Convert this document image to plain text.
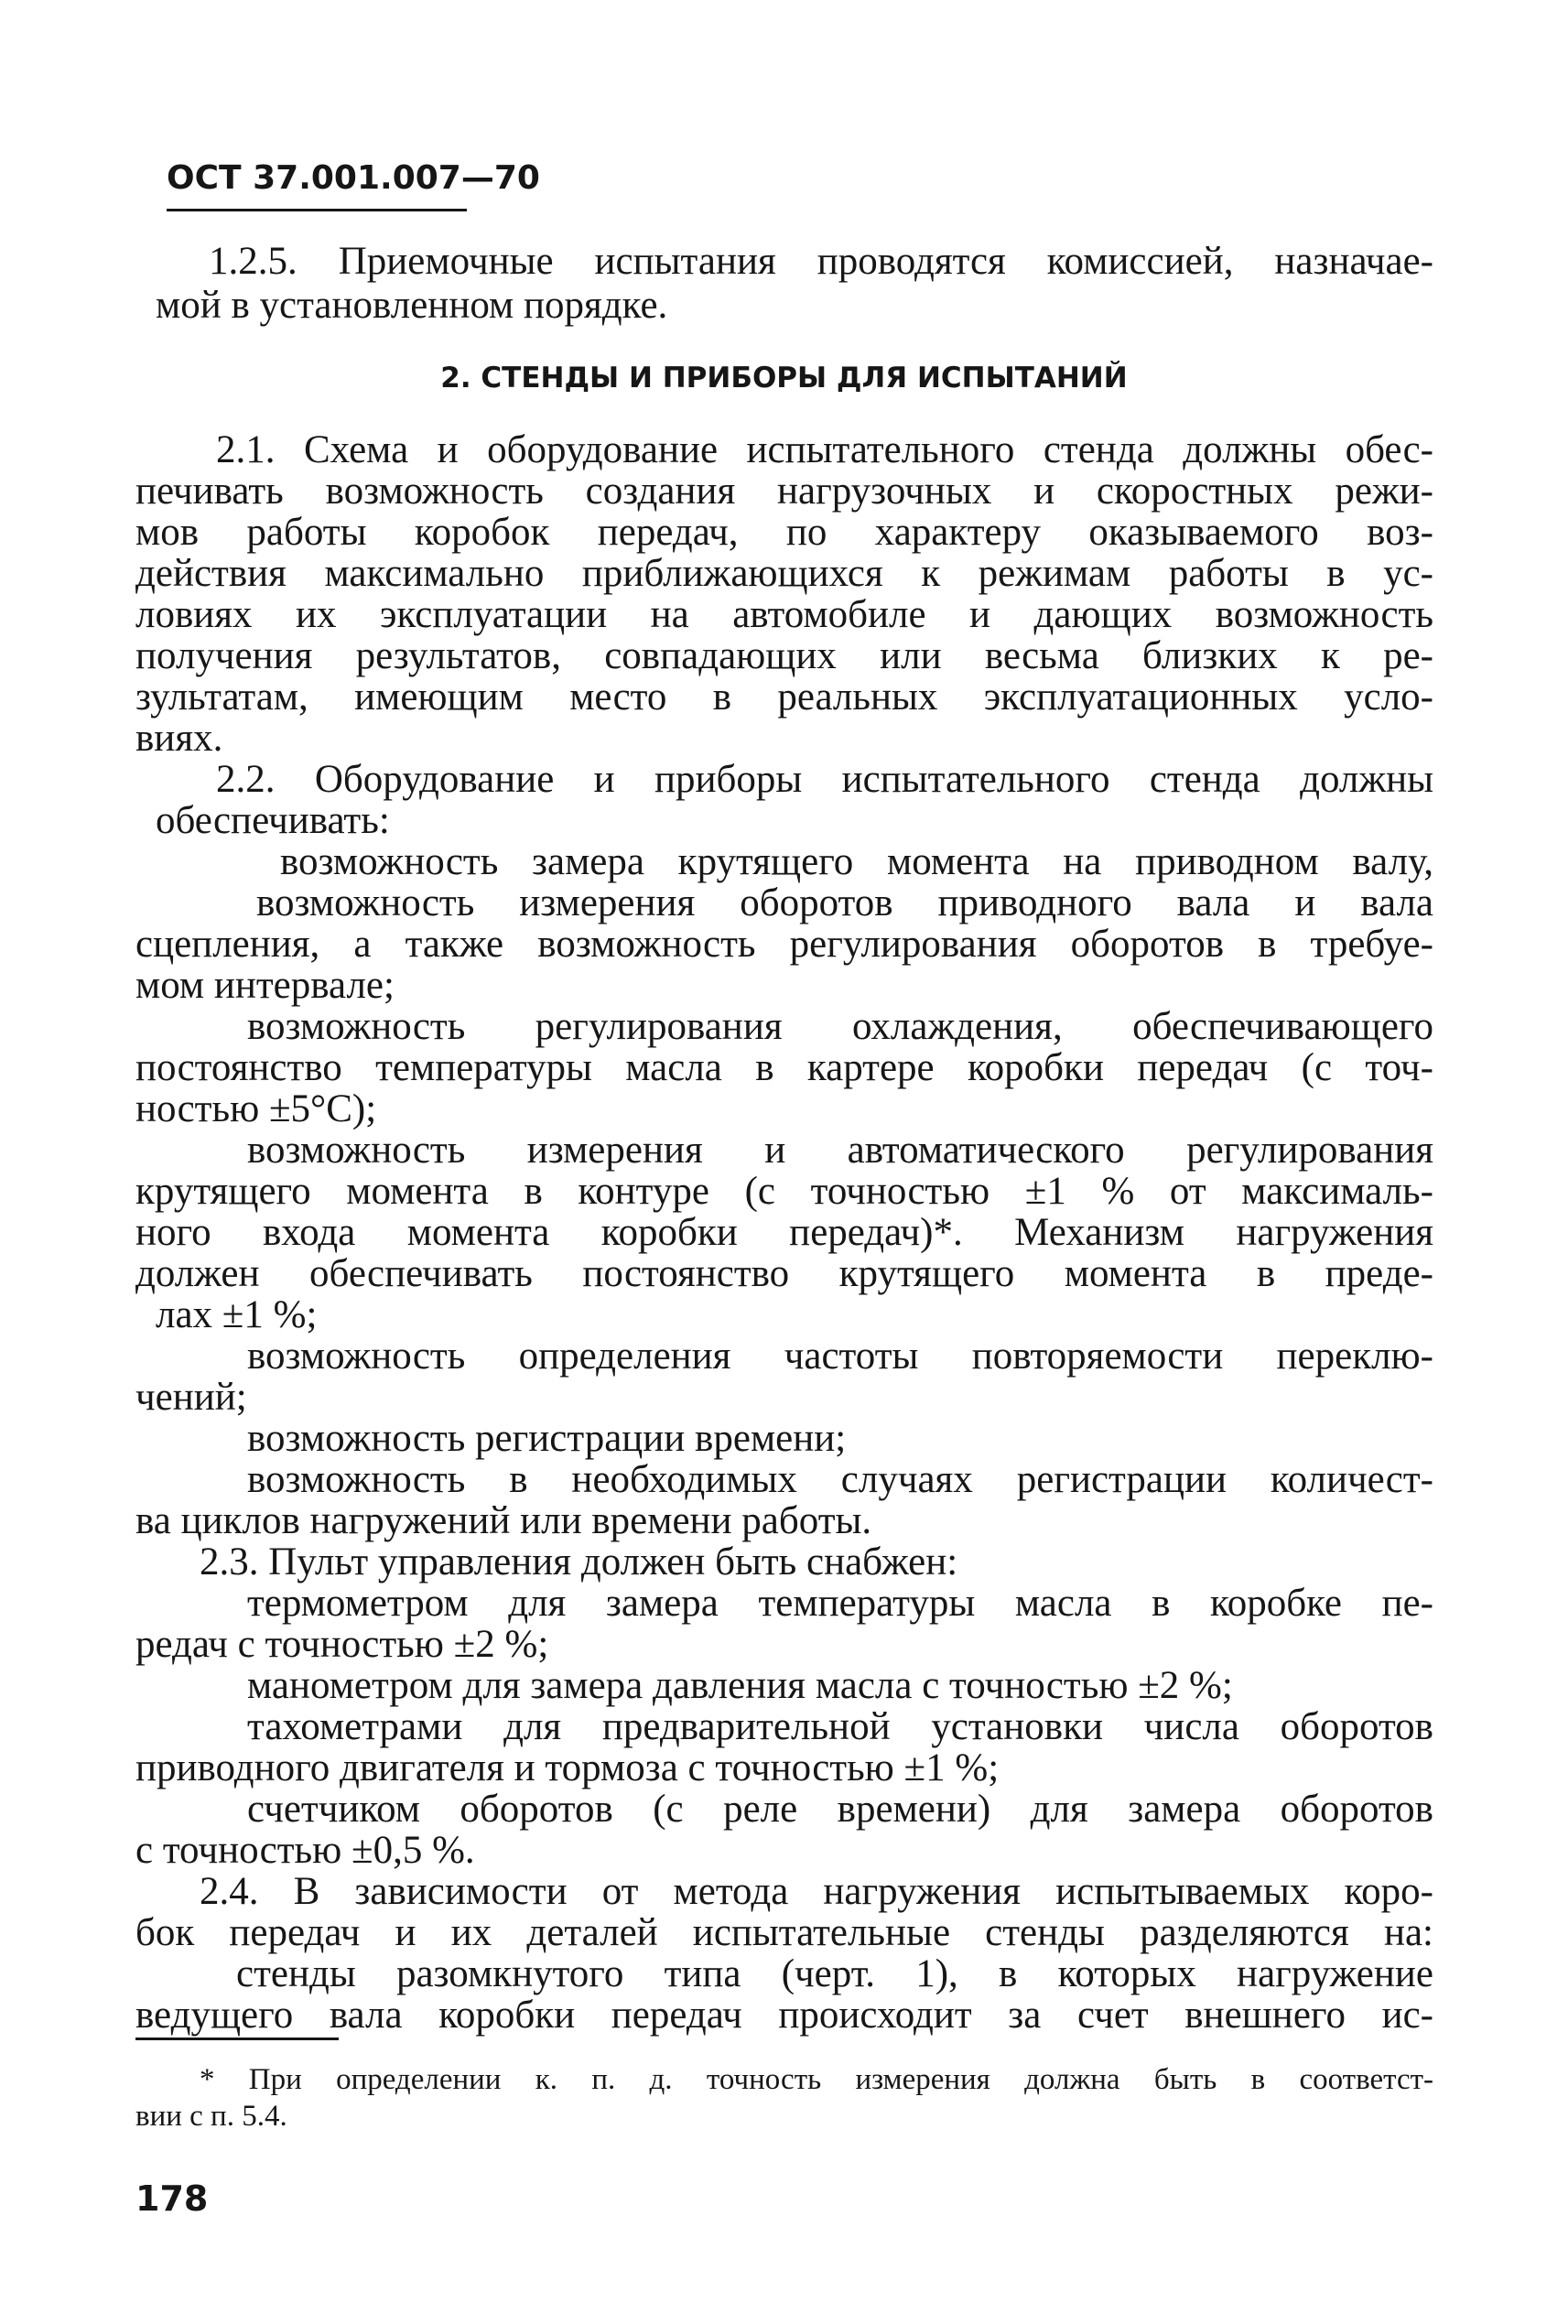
ОСТ 37.001.007—70
1.2.5. Приемочные испытания проводятся комиссией, назначае-
мой в установленном порядке.
2. СТЕНДЫ И ПРИБОРЫ ДЛЯ ИСПЫТАНИЙ
2.1. Схема и оборудование испытательного стенда должны обес-
печивать возможность создания нагрузочных и скоростных режи-
мов работы коробок передач, по характеру оказываемого воз-
действия максимально приближающихся к режимам работы в ус-
ловиях их эксплуатации на автомобиле и дающих возможность
получения результатов, совпадающих или весьма близких к ре-
зультатам, имеющим место в реальных эксплуатационных усло-
виях.
2.2. Оборудование и приборы испытательного стенда должны
обеспечивать:
возможность замера крутящего момента на приводном валу,
возможность измерения оборотов приводного вала и вала
сцепления, а также возможность регулирования оборотов в требуе-
мом интервале;
возможность регулирования охлаждения, обеспечивающего
постоянство температуры масла в картере коробки передач (с точ-
ностью ±5°C);
возможность измерения и автоматического регулирования
крутящего момента в контуре (с точностью ±1 % от максималь-
ного входа момента коробки передач)*. Механизм нагружения
должен обеспечивать постоянство крутящего момента в преде-
лах ±1 %;
возможность определения частоты повторяемости переклю-
чений;
возможность регистрации времени;
возможность в необходимых случаях регистрации количест-
ва циклов нагружений или времени работы.
2.3. Пульт управления должен быть снабжен:
термометром для замера температуры масла в коробке пе-
редач с точностью ±2 %;
манометром для замера давления масла с точностью ±2 %;
тахометрами для предварительной установки числа оборотов
приводного двигателя и тормоза с точностью ±1 %;
счетчиком оборотов (с реле времени) для замера оборотов
с точностью ±0,5 %.
2.4. В зависимости от метода нагружения испытываемых коро-
бок передач и их деталей испытательные стенды разделяются на:
стенды разомкнутого типа (черт. 1), в которых нагружение
ведущего вала коробки передач происходит за счет внешнего ис-
* При определении к. п. д. точность измерения должна быть в соответст-
вии с п. 5.4.
178
